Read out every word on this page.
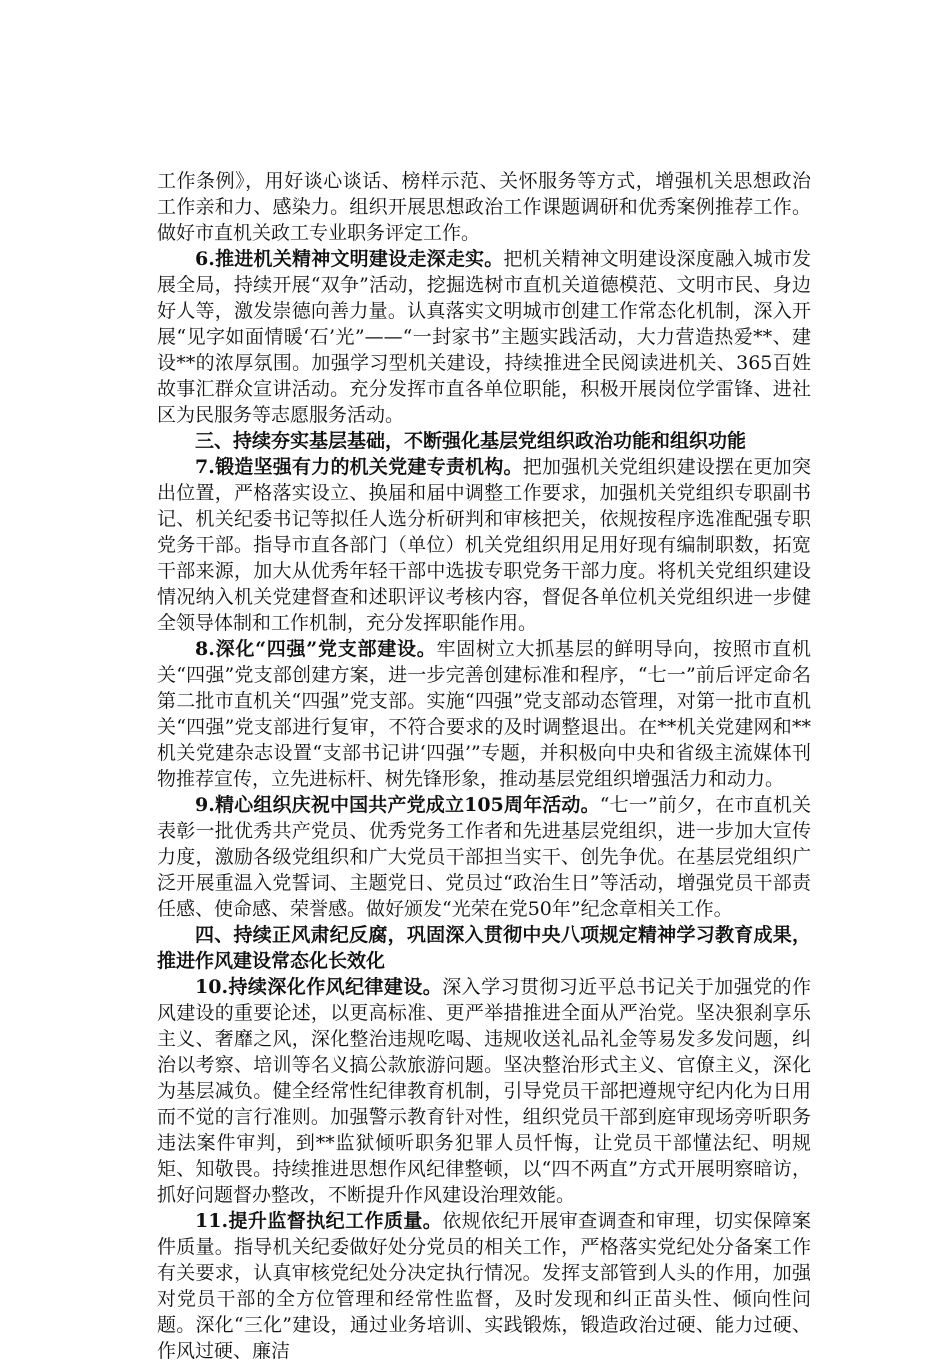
工作条例》，用好谈心谈话、榜样示范、关怀服务等方式，增强机关思想政治工作亲和力、感染力。组织开展思想政治工作课题调研和优秀案例推荐工作。做好市直机关政工专业职务评定工作。

6.推进机关精神文明建设走深走实。把机关精神文明建设深度融入城市发展全局，持续开展“双争”活动，挖掘选树市直机关道德模范、文明市民、身边好人等，激发崇德向善力量。认真落实文明城市创建工作常态化机制，深入开展“见字如面情暖‘石’光”——“一封家书”主题实践活动，大力营造热爱**、建设**的浓厚氛围。加强学习型机关建设，持续推进全民阅读进机关、365百姓故事汇群众宣讲活动。充分发挥市直各单位职能，积极开展岗位学雷锋、进社区为民服务等志愿服务活动。

三、持续夯实基层基础，不断强化基层党组织政治功能和组织功能

7.锻造坚强有力的机关党建专责机构。把加强机关党组织建设摆在更加突出位置，严格落实设立、换届和届中调整工作要求，加强机关党组织专职副书记、机关纪委书记等拟任人选分析研判和审核把关，依规按程序选准配强专职党务干部。指导市直各部门（单位）机关党组织用足用好现有编制职数，拓宽干部来源，加大从优秀年轻干部中选拔专职党务干部力度。将机关党组织建设情况纳入机关党建督查和述职评议考核内容，督促各单位机关党组织进一步健全领导体制和工作机制，充分发挥职能作用。

8.深化“四强”党支部建设。牢固树立大抓基层的鲜明导向，按照市直机关“四强”党支部创建方案，进一步完善创建标准和程序，“七一”前后评定命名第二批市直机关“四强”党支部。实施“四强”党支部动态管理，对第一批市直机关“四强”党支部进行复审，不符合要求的及时调整退出。在**机关党建网和**机关党建杂志设置“支部书记讲‘四强’”专题，并积极向中央和省级主流媒体刊物推荐宣传，立先进标杆、树先锋形象，推动基层党组织增强活力和动力。

9.精心组织庆祝中国共产党成立105周年活动。“七一”前夕，在市直机关表彰一批优秀共产党员、优秀党务工作者和先进基层党组织，进一步加大宣传力度，激励各级党组织和广大党员干部担当实干、创先争优。在基层党组织广泛开展重温入党誓词、主题党日、党员过“政治生日”等活动，增强党员干部责任感、使命感、荣誉感。做好颁发“光荣在党50年”纪念章相关工作。

四、持续正风肃纪反腐，巩固深入贯彻中央八项规定精神学习教育成果，推进作风建设常态化长效化

10.持续深化作风纪律建设。深入学习贯彻习近平总书记关于加强党的作风建设的重要论述，以更高标准、更严举措推进全面从严治党。坚决狠刹享乐主义、奢靡之风，深化整治违规吃喝、违规收送礼品礼金等易发多发问题，纠治以考察、培训等名义搞公款旅游问题。坚决整治形式主义、官僚主义，深化为基层减负。健全经常性纪律教育机制，引导党员干部把遵规守纪内化为日用而不觉的言行准则。加强警示教育针对性，组织党员干部到庭审现场旁听职务违法案件审判，到**监狱倾听职务犯罪人员忏悔，让党员干部懂法纪、明规矩、知敬畏。持续推进思想作风纪律整顿，以“四不两直”方式开展明察暗访，抓好问题督办整改，不断提升作风建设治理效能。

11.提升监督执纪工作质量。依规依纪开展审查调查和审理，切实保障案件质量。指导机关纪委做好处分党员的相关工作，严格落实党纪处分备案工作有关要求，认真审核党纪处分决定执行情况。发挥支部管到人头的作用，加强对党员干部的全方位管理和经常性监督，及时发现和纠正苗头性、倾向性问题。深化“三化”建设，通过业务培训、实践锻炼，锻造政治过硬、能力过硬、作风过硬、廉洁
